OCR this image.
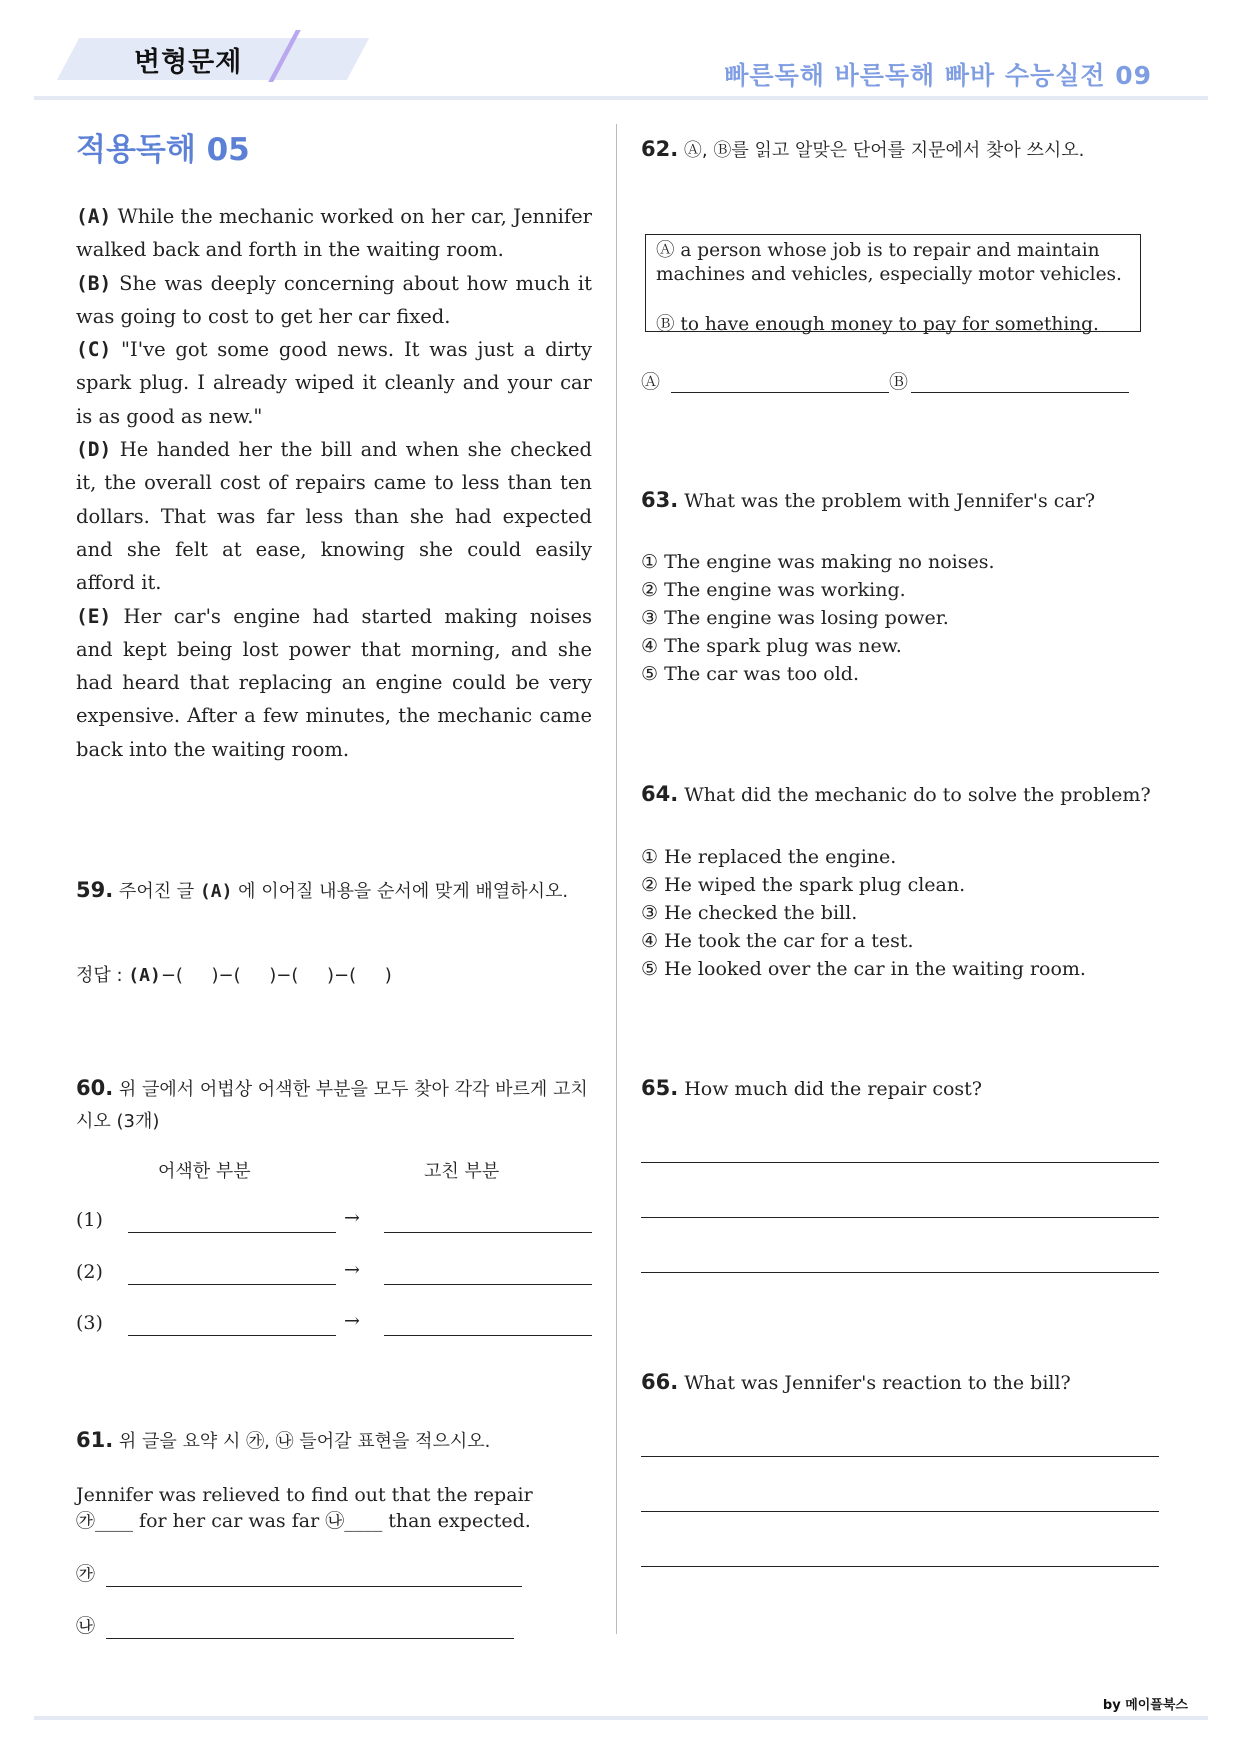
변형문제	빠른독해 바른독해 빠바 수능실전 09
적용독해 05

(A) While the mechanic worked on her car, Jennifer walked back and forth in the waiting room.

(B) She was deeply concerning about how much it was going to cost to get her car fixed.

(C) "I've got some good news. It was just a dirty spark plug. I already wiped it cleanly and your car is as good as new."

(D) He handed her the bill and when she checked it, the overall cost of repairs came to less than ten dollars. That was far less than she had expected and she felt at ease, knowing she could easily afford it.

(E) Her car's engine had started making noises and kept being lost power that morning, and she had heard that replacing an engine could be very expensive. After a few minutes, the mechanic came back into the waiting room.

59. 주어진 글 (A) 에 이어질 내용을 순서에 맞게 배열하시오.
정답 : (A)−(     )−(     )−(     )−(     )
60. 위 글에서 어법상 어색한 부분을 모두 찾아 각각 바르게 고치시오 (3개)
어색한 부분	고친 부분
(1)	→
(2)	→
(3)	→
61. 위 글을 요약 시 ㉮, ㉯ 들어갈 표현을 적으시오.
Jennifer was relieved to find out that the repair
㉮____ for her car was far ㉯____ than expected.
㉮
㉯
62. Ⓐ, Ⓑ를 읽고 알맞은 단어를 지문에서 찾아 쓰시오.
Ⓐ a person whose job is to repair and maintain
machines and vehicles, especially motor vehicles.
Ⓑ to have enough money to pay for something.
Ⓐ	Ⓑ
63. What was the problem with Jennifer's car?
① The engine was making no noises.
② The engine was working.
③ The engine was losing power.
④ The spark plug was new.
⑤ The car was too old.
64. What did the mechanic do to solve the problem?
① He replaced the engine.
② He wiped the spark plug clean.
③ He checked the bill.
④ He took the car for a test.
⑤ He looked over the car in the waiting room.
65. How much did the repair cost?
66. What was Jennifer's reaction to the bill?
by 메이플북스
